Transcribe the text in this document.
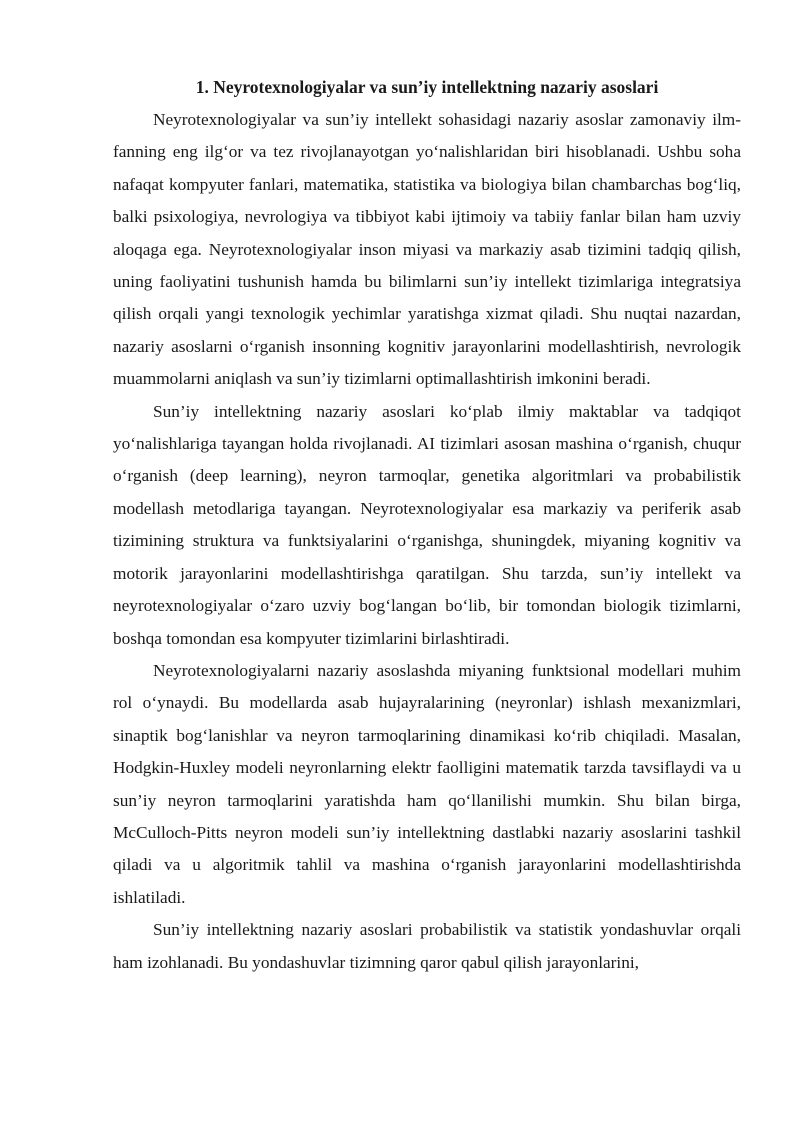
1. Neyrotexnologiyalar va sun’iy intellektning nazariy asoslari

Neyrotexnologiyalar va sun’iy intellekt sohasidagi nazariy asoslar zamonaviy ilm-fanning eng ilg‘or va tez rivojlanayotgan yo‘nalishlaridan biri hisoblanadi. Ushbu soha nafaqat kompyuter fanlari, matematika, statistika va biologiya bilan chambarchas bog‘liq, balki psixologiya, nevrologiya va tibbiyot kabi ijtimoiy va tabiiy fanlar bilan ham uzviy aloqaga ega. Neyrotexnologiyalar inson miyasi va markaziy asab tizimini tadqiq qilish, uning faoliyatini tushunish hamda bu bilimlarni sun’iy intellekt tizimlariga integratsiya qilish orqali yangi texnologik yechimlar yaratishga xizmat qiladi. Shu nuqtai nazardan, nazariy asoslarni o‘rganish insonning kognitiv jarayonlarini modellashtirish, nevrologik muammolarni aniqlash va sun’iy tizimlarni optimallashtirish imkonini beradi.

Sun’iy intellektning nazariy asoslari ko‘plab ilmiy maktablar va tadqiqot yo‘nalishlariga tayangan holda rivojlanadi. AI tizimlari asosan mashina o‘rganish, chuqur o‘rganish (deep learning), neyron tarmoqlar, genetika algoritmlari va probabilistik modellash metodlariga tayangan. Neyrotexnologiyalar esa markaziy va periferik asab tizimining struktura va funktsiyalarini o‘rganishga, shuningdek, miyaning kognitiv va motorik jarayonlarini modellashtirishga qaratilgan. Shu tarzda, sun’iy intellekt va neyrotexnologiyalar o‘zaro uzviy bog‘langan bo‘lib, bir tomondan biologik tizimlarni, boshqa tomondan esa kompyuter tizimlarini birlashtiradi.

Neyrotexnologiyalarni nazariy asoslashda miyaning funktsional modellari muhim rol o‘ynaydi. Bu modellarda asab hujayralarining (neyronlar) ishlash mexanizmlari, sinaptik bog‘lanishlar va neyron tarmoqlarining dinamikasi ko‘rib chiqiladi. Masalan, Hodgkin-Huxley modeli neyronlarning elektr faolligini matematik tarzda tavsiflaydi va u sun’iy neyron tarmoqlarini yaratishda ham qo‘llanilishi mumkin. Shu bilan birga, McCulloch-Pitts neyron modeli sun’iy intellektning dastlabki nazariy asoslarini tashkil qiladi va u algoritmik tahlil va mashina o‘rganish jarayonlarini modellashtirishda ishlatiladi.

Sun’iy intellektning nazariy asoslari probabilistik va statistik yondashuvlar orqali ham izohlanadi. Bu yondashuvlar tizimning qaror qabul qilish jarayonlarini,
